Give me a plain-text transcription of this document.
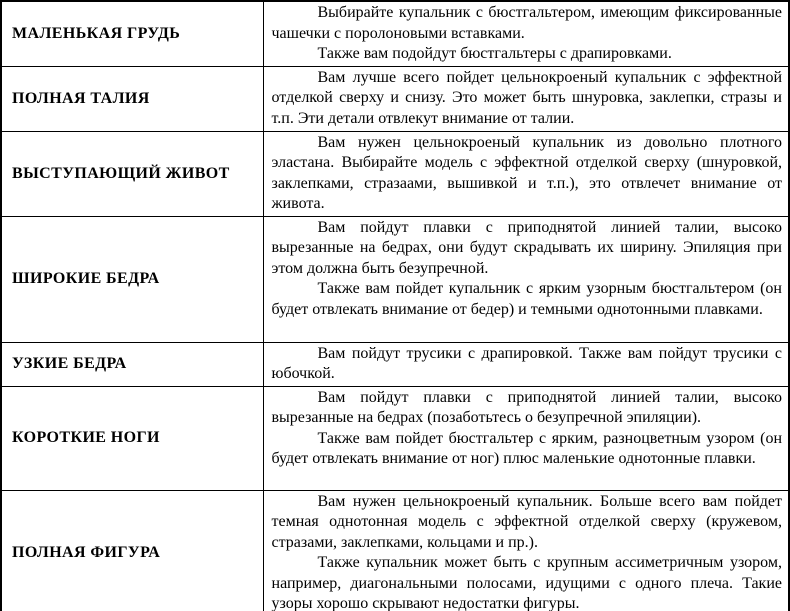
МАЛЕНЬКАЯ ГРУДЬ	Выбирайте купальник с бюстгальтером, имеющим фиксированные чашечки с поролоновыми вставками.

Также вам подойдут бюстгальтеры с драпировками.

ПОЛНАЯ ТАЛИЯ	Вам лучше всего пойдет цельнокроеный купальник с эффектной отделкой сверху и снизу. Это может быть шнуровка, заклепки, стразы и т.п. Эти детали отвлекут внимание от талии.

ВЫСТУПАЮЩИЙ ЖИВОТ	Вам нужен цельнокроеный купальник из довольно плотного эластана. Выбирайте модель с эффектной отделкой сверху (шнуровкой, заклепками, стразаами, вышивкой и т.п.), это отвлечет внимание от живота.

ШИРОКИЕ БЕДРА	Вам пойдут плавки с приподнятой линией талии, высоко вырезанные на бедрах, они будут скрадывать их ширину. Эпиляция при этом должна быть безупречной.

Также вам пойдет купальник с ярким узорным бюстгальтером (он будет отвлекать внимание от бедер) и темными однотонными плавками.

УЗКИЕ БЕДРА	Вам пойдут трусики с драпировкой. Также вам пойдут трусики с юбочкой.

КОРОТКИЕ НОГИ	Вам пойдут плавки с приподнятой линией талии, высоко вырезанные на бедрах (позаботьтесь о безупречной эпиляции).

Также вам пойдет бюстгальтер с ярким, разноцветным узором (он будет отвлекать внимание от ног) плюс маленькие однотонные плавки.

ПОЛНАЯ ФИГУРА	Вам нужен цельнокроеный купальник. Больше всего вам пойдет темная однотонная модель с эффектной отделкой сверху (кружевом, стразами, заклепками, кольцами и пр.).

Также купальник может быть с крупным ассиметричным узором, например, диагональными полосами, идущими с одного плеча. Такие узоры хорошо скрывают недостатки фигуры.
